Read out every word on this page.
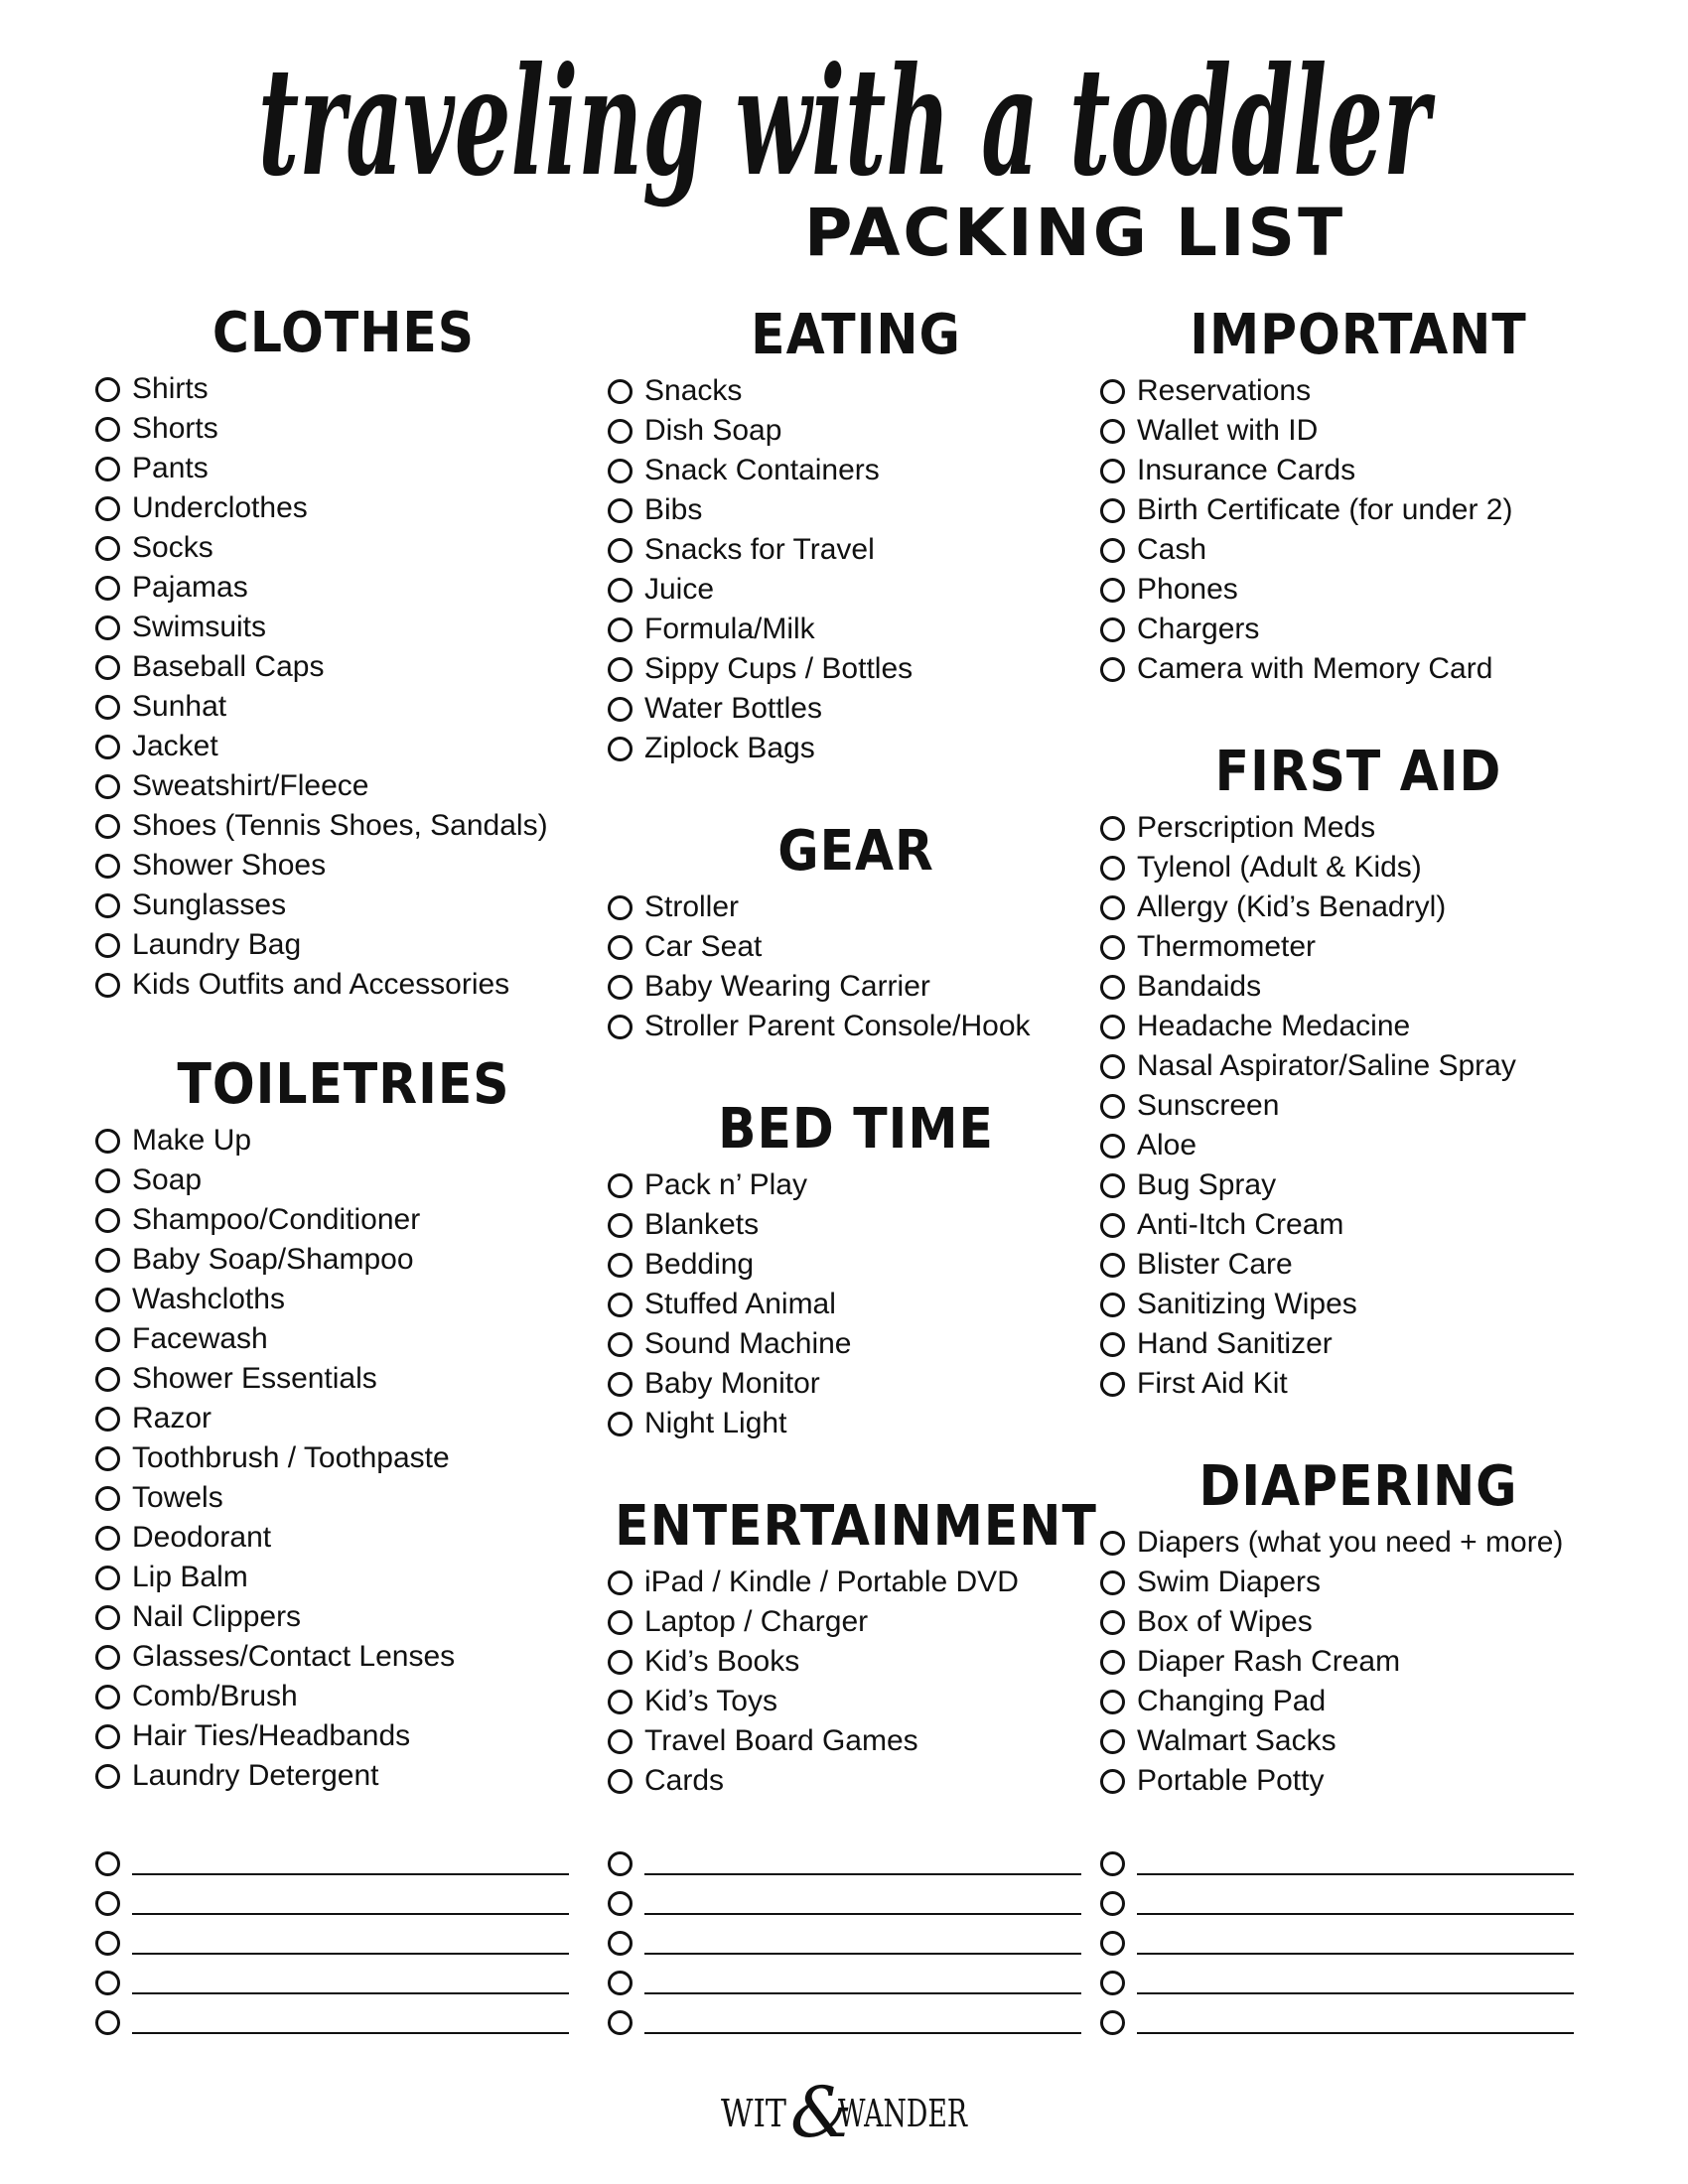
traveling with a toddler
PACKING LIST
CLOTHES
Shirts
Shorts
Pants
Underclothes
Socks
Pajamas
Swimsuits
Baseball Caps
Sunhat
Jacket
Sweatshirt/Fleece
Shoes (Tennis Shoes, Sandals)
Shower Shoes
Sunglasses
Laundry Bag
Kids Outfits and Accessories
TOILETRIES
Make Up
Soap
Shampoo/Conditioner
Baby Soap/Shampoo
Washcloths
Facewash
Shower Essentials
Razor
Toothbrush / Toothpaste
Towels
Deodorant
Lip Balm
Nail Clippers
Glasses/Contact Lenses
Comb/Brush
Hair Ties/Headbands
Laundry Detergent
EATING
Snacks
Dish Soap
Snack Containers
Bibs
Snacks for Travel
Juice
Formula/Milk
Sippy Cups / Bottles
Water Bottles
Ziplock Bags
GEAR
Stroller
Car Seat
Baby Wearing Carrier
Stroller Parent Console/Hook
BED TIME
Pack n’ Play
Blankets
Bedding
Stuffed Animal
Sound Machine
Baby Monitor
Night Light
ENTERTAINMENT
iPad / Kindle / Portable DVD
Laptop / Charger
Kid’s Books
Kid’s Toys
Travel Board Games
Cards
IMPORTANT
Reservations
Wallet with ID
Insurance Cards
Birth Certificate (for under 2)
Cash
Phones
Chargers
Camera with Memory Card
FIRST AID
Perscription Meds
Tylenol (Adult & Kids)
Allergy (Kid’s Benadryl)
Thermometer
Bandaids
Headache Medacine
Nasal Aspirator/Saline Spray
Sunscreen
Aloe
Bug Spray
Anti-Itch Cream
Blister Care
Sanitizing Wipes
Hand Sanitizer
First Aid Kit
DIAPERING
Diapers (what you need + more)
Swim Diapers
Box of Wipes
Diaper Rash Cream
Changing Pad
Walmart Sacks
Portable Potty
WIT &
WANDER
